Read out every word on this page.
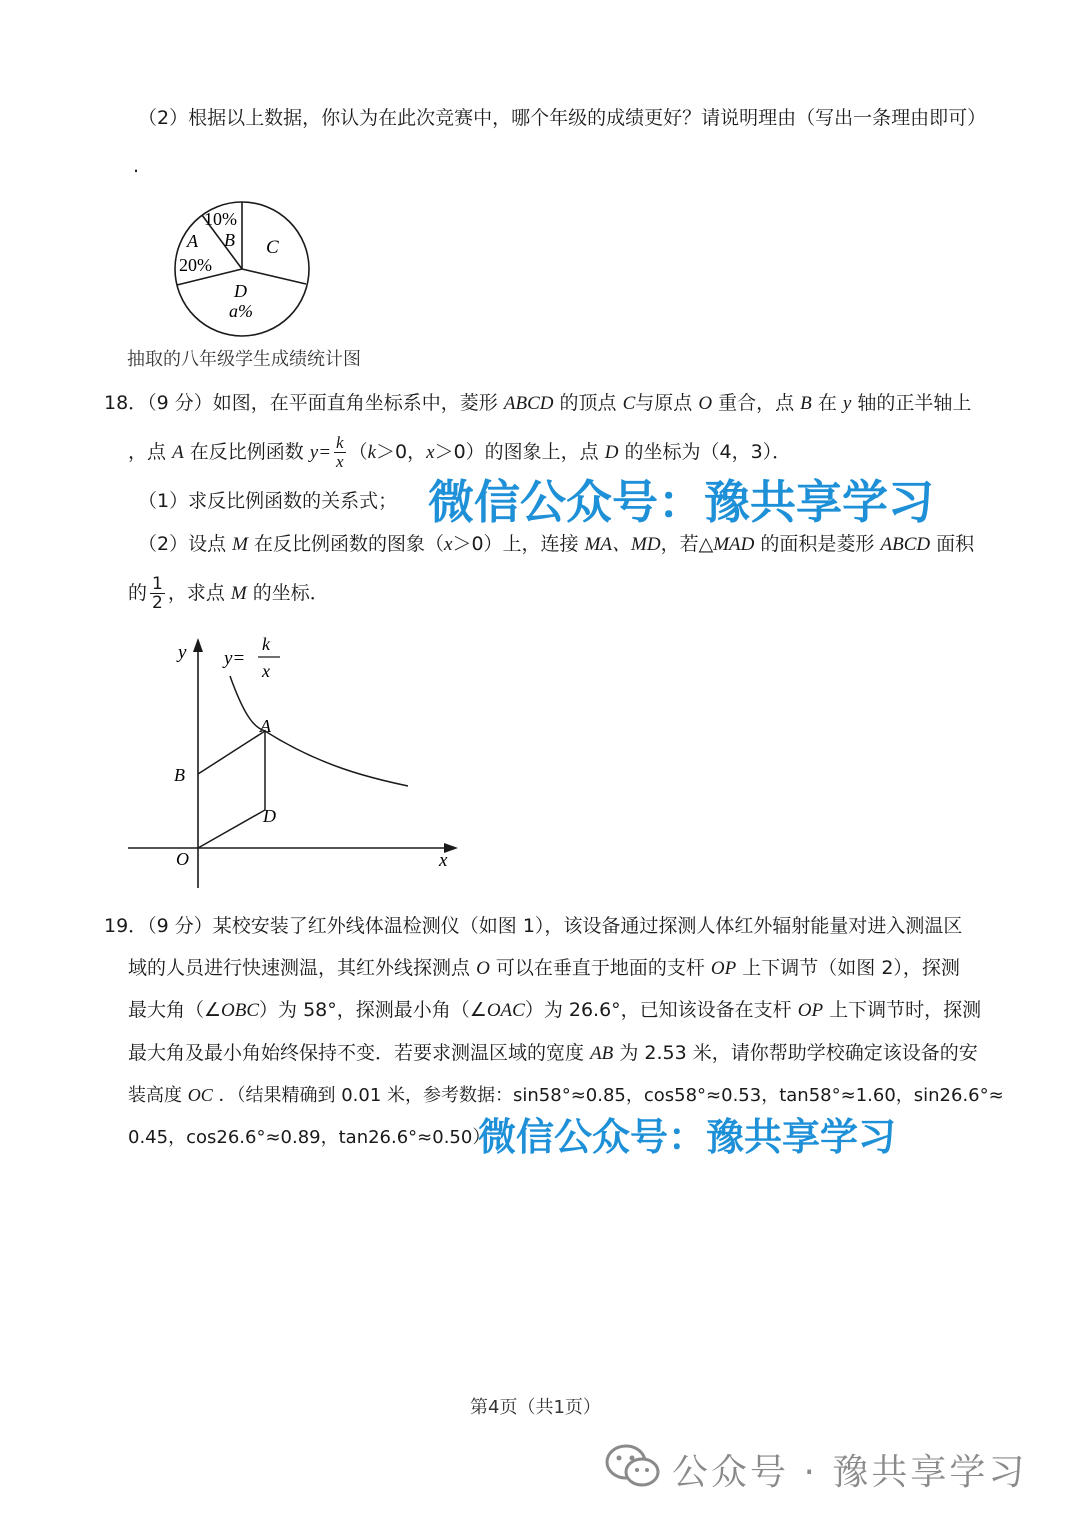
（2）根据以上数据，你认为在此次竞赛中，哪个年级的成绩更好？请说明理由（写出一条理由即可）
.
10%
A B
20%
C
D
a%
抽取的八年级学生成绩统计图
18．（9 分）如图，在平面直角坐标系中，菱形 ABCD 的顶点 C与原点 O 重合，点 B 在 y 轴的正半轴上
，点 A 在反比例函数 $y= \frac{k}{x} (k>0$，x＞0）的图象上，点 D 的坐标为（4，3）．
（1）求反比例函数的关系式； 微信公众号：豫共享学习
（2）设点 M 在反比例函数的图象（x＞0）上，连接 MA、MD，若△MAD 的面积是菱形 ABCD 面积
的 $\frac{1}{2}$ ，求点 M 的坐标．
y
x
y=
k
x
A
B
D
O
19．（9 分）某校安装了红外线体温检测仪（如图 1），该设备通过探测人体红外辐射能量对进入测温区
域的人员进行快速测温，其红外线探测点 O 可以在垂直于地面的支杆 OP 上下调节（如图 2），探测
最大角（∠OBC）为 58°，探测最小角（∠OAC）为 26.6°，已知该设备在支杆 OP 上下调节时，探测
最大角及最小角始终保持不变．若要求测温区域的宽度 AB 为 2.53 米，请你帮助学校确定该设备的安
装高度 OC ．（结果精确到 0.01 米，参考数据：sin58°≈0.85，cos58°≈0.53，tan58°≈1.60，sin26.6°≈
0.45，cos26.6°≈0.89，tan26.6°≈0.50）
微信公众号：豫共享学习
第4页（共1页）
公众号 · 豫共享学习
